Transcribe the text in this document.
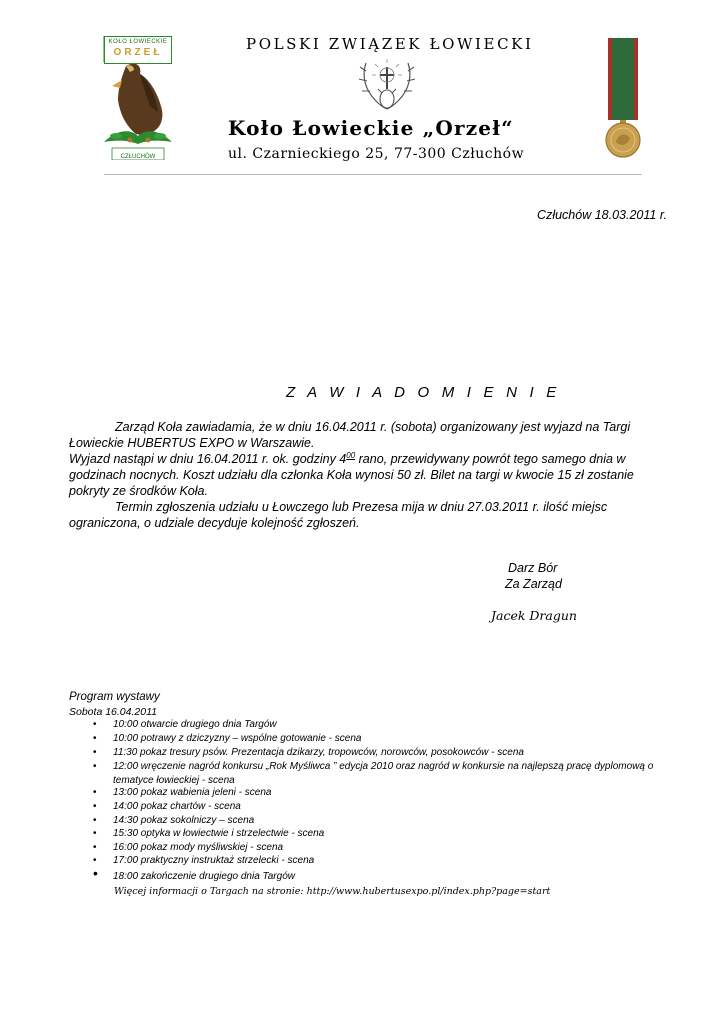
KOŁO ŁOWIECKIE
ORZEŁ
CZŁUCHÓW
POLSKI ZWIĄZEK ŁOWIECKI
Koło Łowieckie „Orzeł“
ul. Czarnieckiego 25, 77-300 Człuchów
Człuchów 18.03.2011 r.
Z A W I A D O M I E N I E
Zarząd Koła zawiadamia, że w dniu 16.04.2011 r. (sobota) organizowany jest wyjazd na Targi Łowieckie HUBERTUS EXPO w Warszawie.
Wyjazd nastąpi w dniu 16.04.2011 r. ok. godziny $4^{00}$ rano, przewidywany powrót tego samego dnia w godzinach nocnych. Koszt udziału dla członka Koła wynosi 50 zł. Bilet na targi w kwocie 15 zł zostanie pokryty ze środków Koła.
Termin zgłoszenia udziału u Łowczego lub Prezesa mija w dniu 27.03.2011 r. ilość miejsc ograniczona, o udziale decyduje kolejność zgłoszeń.
Darz Bór
Za Zarząd
Jacek Dragun
Program wystawy
Sobota 16.04.2011
• 10:00 otwarcie drugiego dnia Targów
• 10:00 potrawy z dziczyzny – wspólne gotowanie - scena
• 11:30 pokaz tresury psów. Prezentacja dzikarzy, tropowców, norowców, posokowców - scena
• 12:00 wręczenie nagród konkursu „Rok Myśliwca ” edycja 2010 oraz nagród w konkursie na najlepszą pracę dyplomową o tematyce łowieckiej - scena
• 13:00 pokaz wabienia jeleni - scena
• 14:00 pokaz chartów - scena
• 14:30 pokaz sokolniczy – scena
• 15:30 optyka w łowiectwie i strzelectwie - scena
• 16:00 pokaz mody myśliwskiej - scena
• 17:00 praktyczny instruktaż strzelecki - scena
• 18:00 zakończenie drugiego dnia Targów
Więcej informacji o Targach na stronie: http://www.hubertusexpo.pl/index.php?page=start
